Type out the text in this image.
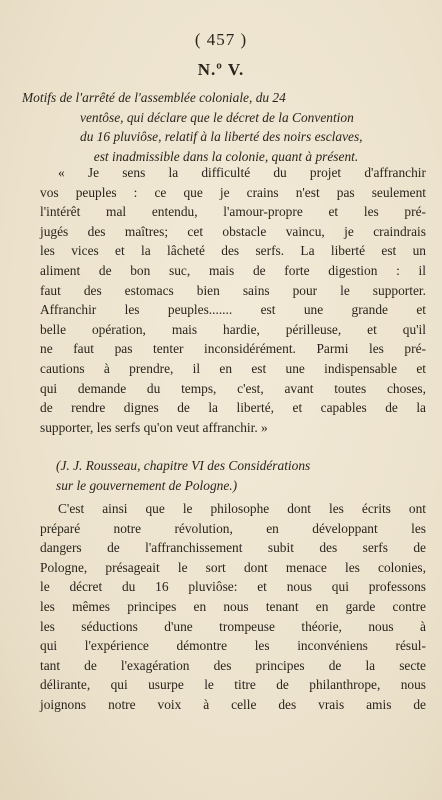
( 457 )
N.º V.
Motifs de l'arrêté de l'assemblée coloniale, du 24
ventôse, qui déclare que le décret de la Convention
du 16 pluviôse, relatif à la liberté des noirs esclaves,
est inadmissible dans la colonie, quant à présent.
« Je sens la difficulté du projet d'affranchir
vos peuples : ce que je crains n'est pas seulement
l'intérêt mal entendu, l'amour-propre et les pré-
jugés des maîtres; cet obstacle vaincu, je craindrais
les vices et la lâcheté des serfs. La liberté est un
aliment de bon suc, mais de forte digestion : il
faut des estomacs bien sains pour le supporter.
Affranchir les peuples....... est une grande et
belle opération, mais hardie, périlleuse, et qu'il
ne faut pas tenter inconsidérément. Parmi les pré-
cautions à prendre, il en est une indispensable et
qui demande du temps, c'est, avant toutes choses,
de rendre dignes de la liberté, et capables de la
supporter, les serfs qu'on veut affranchir. »
(J. J. Rousseau, chapitre VI des Considérations
sur le gouvernement de Pologne.)
C'est ainsi que le philosophe dont les écrits ont
préparé notre révolution, en développant les
dangers de l'affranchissement subit des serfs de
Pologne, présageait le sort dont menace les colonies,
le décret du 16 pluviôse: et nous qui professons
les mêmes principes en nous tenant en garde contre
les séductions d'une trompeuse théorie, nous à
qui l'expérience démontre les inconvéniens résul-
tant de l'exagération des principes de la secte
délirante, qui usurpe le titre de philanthrope, nous
joignons notre voix à celle des vrais amis de
